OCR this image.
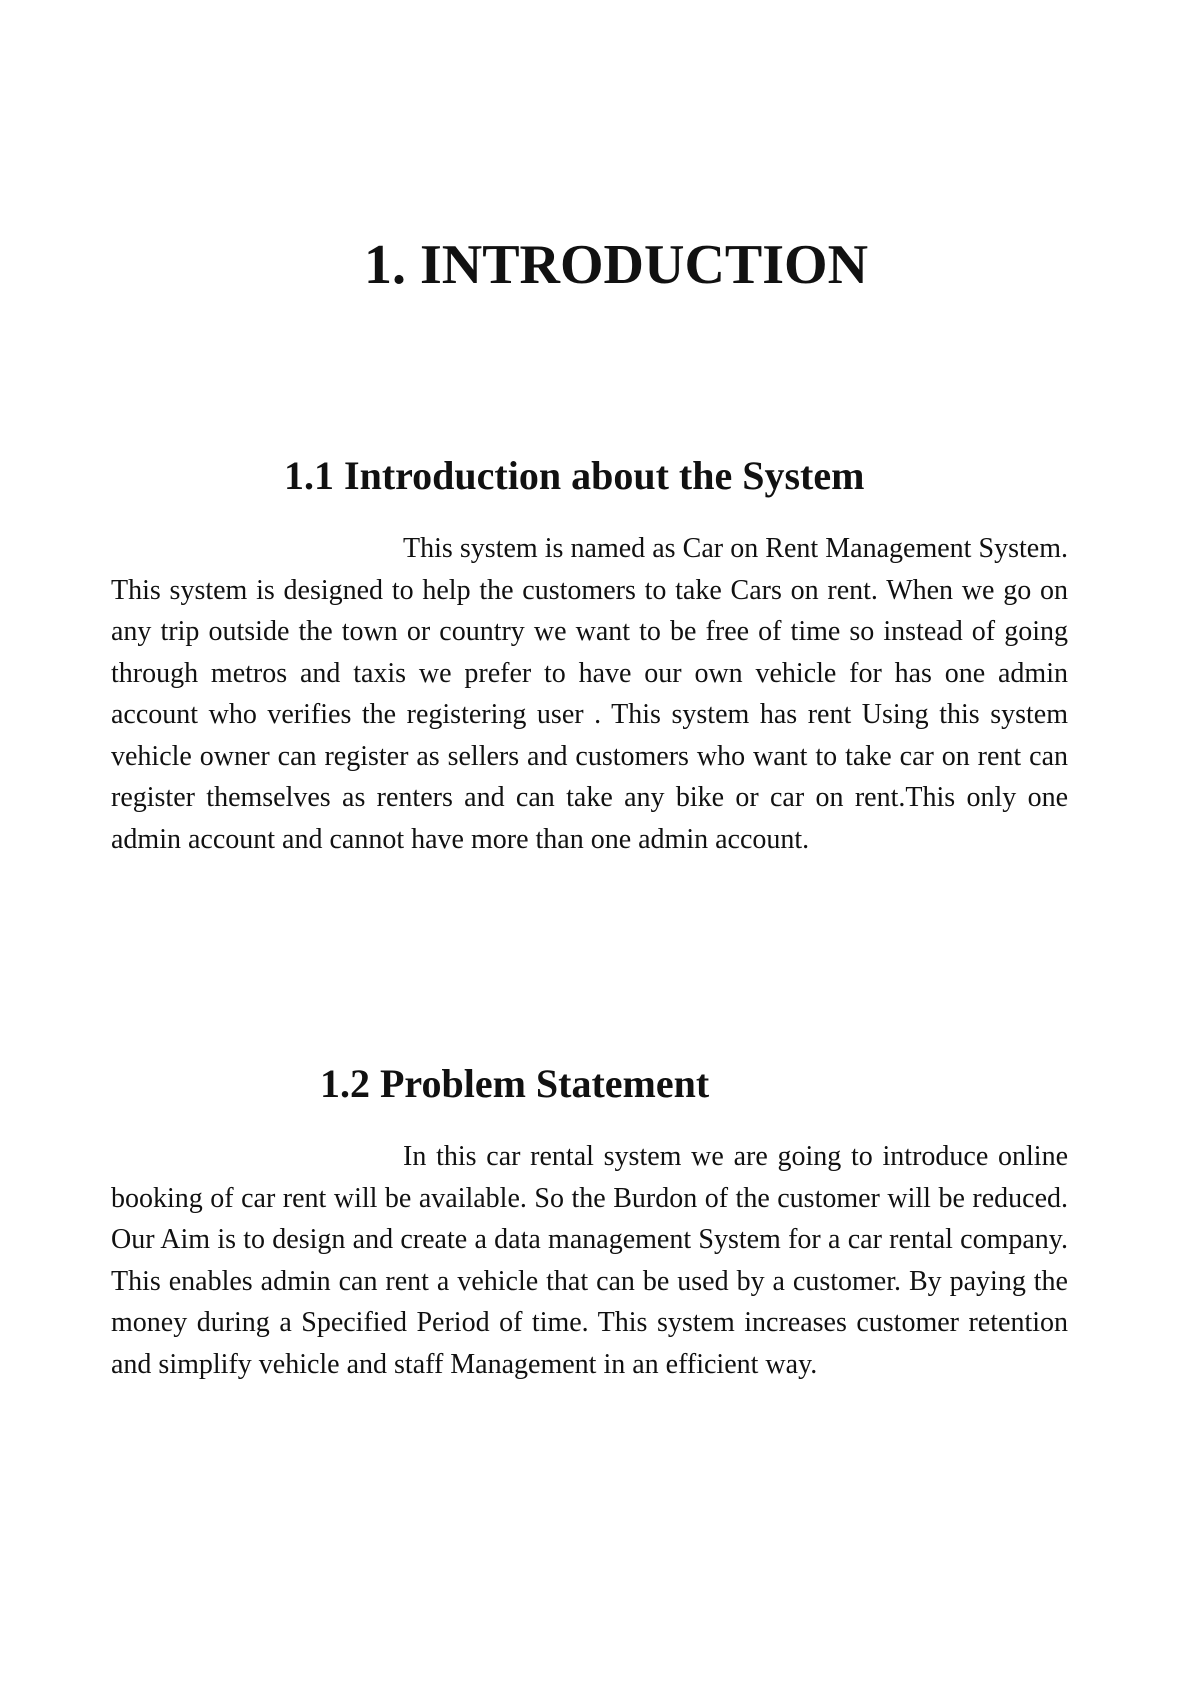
1. INTRODUCTION
1.1 Introduction about the System

This system is named as Car on Rent Management System. This system is designed to help the customers to take Cars on rent. When we go on any trip outside the town or country we want to be free of time so instead of going through metros and taxis we prefer to have our own vehicle for has one admin account who verifies the registering user . This system has rent Using this system vehicle owner can register as sellers and customers who want to take car on rent can register themselves as renters and can take any bike or car on rent.This only one admin account and cannot have more than one admin account.

1.2 Problem Statement

In this car rental system we are going to introduce online booking of car rent will be available. So the Burdon of the customer will be reduced. Our Aim is to design and create a data management System for a car rental company. This enables admin can rent a vehicle that can be used by a customer. By paying the money during a Specified Period of time. This system increases customer retention and simplify vehicle and staff Management in an efficient way.
